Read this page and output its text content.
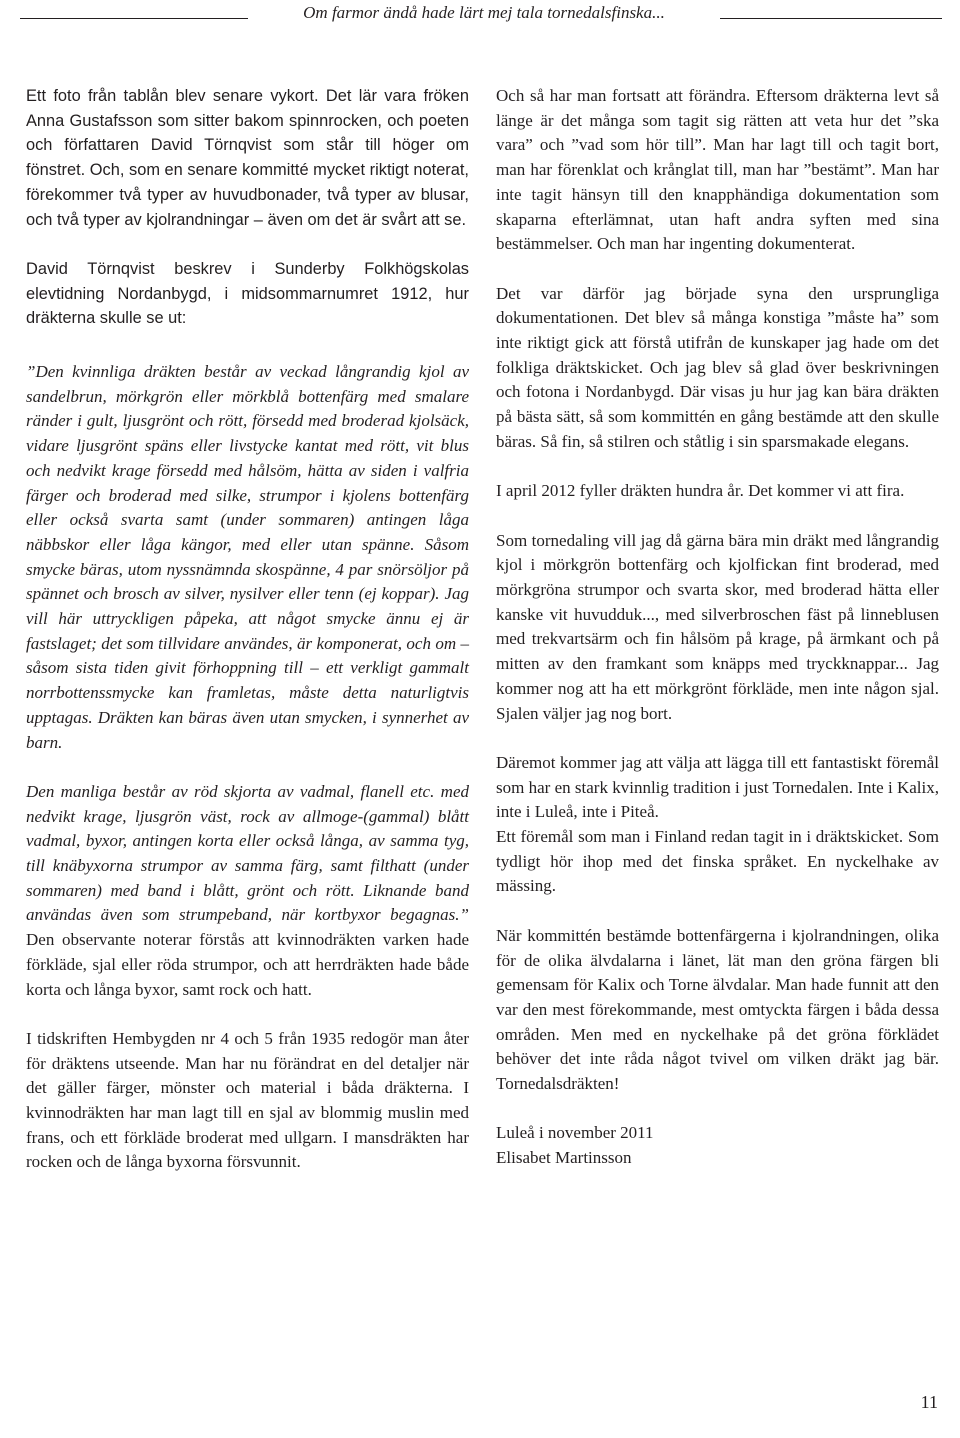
Om farmor ändå hade lärt mej tala tornedalsfinska...

Ett foto från tablån blev senare vykort. Det lär vara fröken Anna Gustafsson som sitter bakom spinnrocken, och poeten och författaren David Törnqvist som står till höger om fönstret. Och, som en senare kommitté mycket riktigt noterat, förekommer två typer av huvudbonader, två typer av blusar, och två typer av kjolrandningar – även om det är svårt att se.

David Törnqvist beskrev i Sunderby Folkhögskolas elevtidning Nordanbygd, i midsommarnumret 1912, hur dräkterna skulle se ut:

”Den kvinnliga dräkten består av veckad långrandig kjol av sandelbrun, mörkgrön eller mörkblå bottenfärg med smalare ränder i gult, ljusgrönt och rött, försedd med broderad kjolsäck, vidare ljusgrönt späns eller livstycke kantat med rött, vit blus och nedvikt krage försedd med hålsöm, hätta av siden i valfria färger och broderad med silke, strumpor i kjolens bottenfärg eller också svarta samt (under sommaren) antingen låga näbbskor eller låga kängor, med eller utan spänne. Såsom smycke bäras, utom nyssnämnda skospänne, 4 par snörsöljor på spännet och brosch av silver, nysilver eller tenn (ej koppar). Jag vill här uttryckligen påpeka, att något smycke ännu ej är fastslaget; det som tillvidare användes, är komponerat, och om – såsom sista tiden givit förhoppning till – ett verkligt gammalt norrbottenssmycke kan framletas, måste detta naturligtvis upptagas. Dräkten kan bäras även utan smycken, i synnerhet av barn.

Den manliga består av röd skjorta av vadmal, flanell etc. med nedvikt krage, ljusgrön väst, rock av allmoge-(gammal) blått vadmal, byxor, antingen korta eller också långa, av samma tyg, till knäbyxorna strumpor av samma färg, samt filthatt (under sommaren) med band i blått, grönt och rött. Liknande band användas även som strumpeband, när kortbyxor begagnas.” Den observante noterar förstås att kvinnodräkten varken hade förkläde, sjal eller röda strumpor, och att herrdräkten hade både korta och långa byxor, samt rock och hatt.

I tidskriften Hembygden nr 4 och 5 från 1935 redogör man åter för dräktens utseende. Man har nu förändrat en del detaljer när det gäller färger, mönster och material i båda dräkterna. I kvinnodräkten har man lagt till en sjal av blommig muslin med frans, och ett förkläde broderat med ullgarn. I mansdräkten har rocken och de långa byxorna försvunnit.

Och så har man fortsatt att förändra. Eftersom dräkterna levt så länge är det många som tagit sig rätten att veta hur det ”ska vara” och ”vad som hör till”. Man har lagt till och tagit bort, man har förenklat och krånglat till, man har ”bestämt”. Man har inte tagit hänsyn till den knapphändiga dokumentation som skaparna efterlämnat, utan haft andra syften med sina bestämmelser. Och man har ingenting dokumenterat.

Det var därför jag började syna den ursprungliga dokumentationen. Det blev så många konstiga ”måste ha” som inte riktigt gick att förstå utifrån de kunskaper jag hade om det folkliga dräktskicket. Och jag blev så glad över beskrivningen och fotona i Nordanbygd. Där visas ju hur jag kan bära dräkten på bästa sätt, så som kommittén en gång bestämde att den skulle bäras. Så fin, så stilren och ståtlig i sin sparsmakade elegans.

I april 2012 fyller dräkten hundra år. Det kommer vi att fira.

Som tornedaling vill jag då gärna bära min dräkt med långrandig kjol i mörkgrön bottenfärg och kjolfickan fint broderad, med mörkgröna strumpor och svarta skor, med broderad hätta eller kanske vit huvudduk..., med silverbroschen fäst på linneblusen med trekvartsärm och fin hålsöm på krage, på ärmkant och på mitten av den framkant som knäpps med tryckknappar... Jag kommer nog att ha ett mörkgrönt förkläde, men inte någon sjal. Sjalen väljer jag nog bort.

Däremot kommer jag att välja att lägga till ett fantastiskt föremål som har en stark kvinnlig tradition i just Tornedalen. Inte i Kalix, inte i Luleå, inte i Piteå.
Ett föremål som man i Finland redan tagit in i dräktskicket. Som tydligt hör ihop med det finska språket. En nyckelhake av mässing.

När kommittén bestämde bottenfärgerna i kjolrandningen, olika för de olika älvdalarna i länet, lät man den gröna färgen bli gemensam för Kalix och Torne älvdalar. Man hade funnit att den var den mest förekommande, mest omtyckta färgen i båda dessa områden. Men med en nyckelhake på det gröna förklädet behöver det inte råda något tvivel om vilken dräkt jag bär. Tornedalsdräkten!

Luleå i november 2011
Elisabet Martinsson

11
